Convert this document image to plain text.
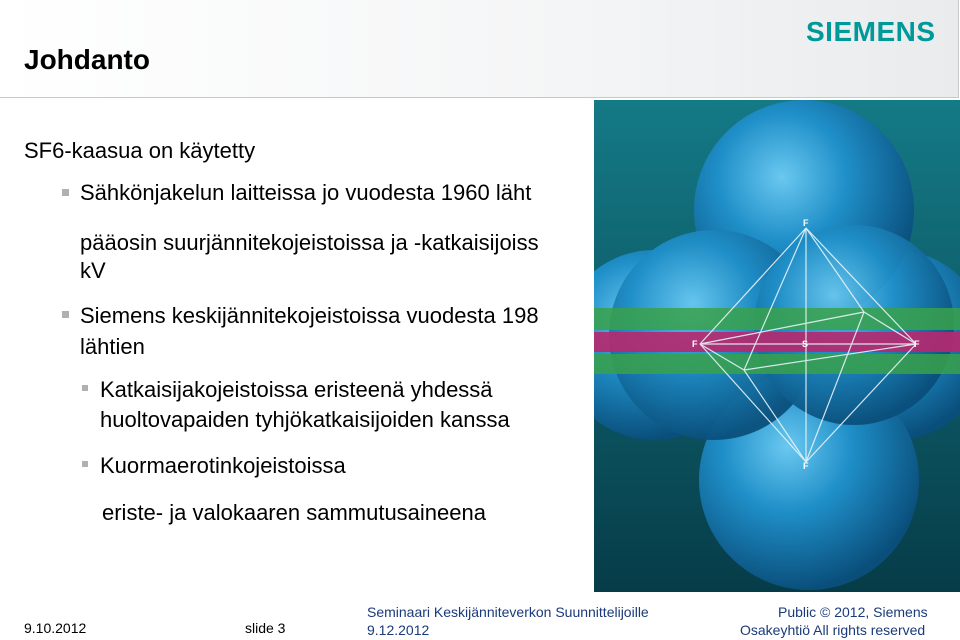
Johdanto
SIEMENS
SF6-kaasua on käytetty
Sähkönjakelun laitteissa jo vuodesta 1960 läht
pääosin suurjännitekojeistoissa ja -katkaisijoiss
kV
Siemens keskijännitekojeistoissa vuodesta 198
lähtien
Katkaisijakojeistoissa eristeenä yhdessä
huoltovapaiden tyhjökatkaisijoiden kanssa
Kuormaerotinkojeistoissa
eriste- ja valokaaren sammutusaineena
F
F	S	F
F
9.10.2012	slide 3
Seminaari Keskijänniteverkon Suunnittelijoille
9.12.2012
Public © 2012, Siemens
Osakeyhtiö All rights reserved
